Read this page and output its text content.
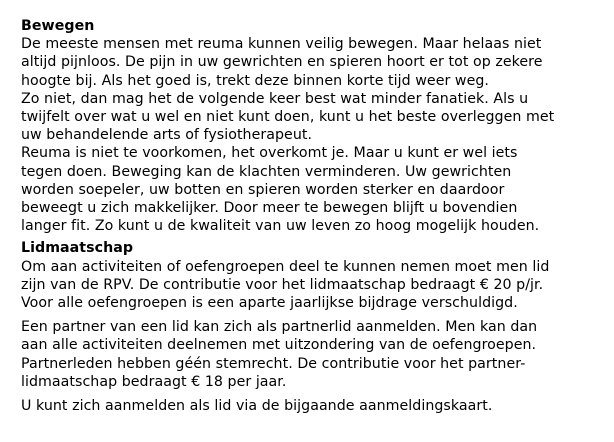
Bewegen

De meeste mensen met reuma kunnen veilig bewegen. Maar helaas niet

altijd pijnloos. De pijn in uw gewrichten en spieren hoort er tot op zekere

hoogte bij. Als het goed is, trekt deze binnen korte tijd weer weg.

Zo niet, dan mag het de volgende keer best wat minder fanatiek. Als u

twijfelt over wat u wel en niet kunt doen, kunt u het beste overleggen met

uw behandelende arts of fysiotherapeut.

Reuma is niet te voorkomen, het overkomt je. Maar u kunt er wel iets

tegen doen. Beweging kan de klachten verminderen. Uw gewrichten

worden soepeler, uw botten en spieren worden sterker en daardoor

beweegt u zich makkelijker. Door meer te bewegen blijft u bovendien

langer fit. Zo kunt u de kwaliteit van uw leven zo hoog mogelijk houden.

Lidmaatschap

Om aan activiteiten of oefengroepen deel te kunnen nemen moet men lid

zijn van de RPV. De contributie voor het lidmaatschap bedraagt € 20 p/jr.

Voor alle oefengroepen is een aparte jaarlijkse bijdrage verschuldigd.

Een partner van een lid kan zich als partnerlid aanmelden. Men kan dan

aan alle activiteiten deelnemen met uitzondering van de oefengroepen.

Partnerleden hebben géén stemrecht. De contributie voor het partner-

lidmaatschap bedraagt € 18 per jaar.

U kunt zich aanmelden als lid via de bijgaande aanmeldingskaart.
